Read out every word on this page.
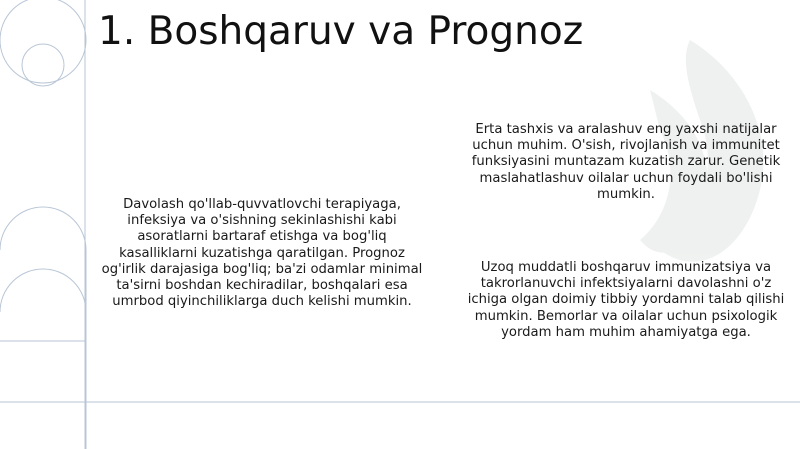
1. Boshqaruv va Prognoz
Davolash qo'llab-quvvatlovchi terapiyaga, infeksiya va o'sishning sekinlashishi kabi asoratlarni bartaraf etishga va bog'liq kasalliklarni kuzatishga qaratilgan. Prognoz og'irlik darajasiga bog'liq; ba'zi odamlar minimal ta'sirni boshdan kechiradilar, boshqalari esa umrbod qiyinchiliklarga duch kelishi mumkin.
Erta tashxis va aralashuv eng yaxshi natijalar uchun muhim. O'sish, rivojlanish va immunitet funksiyasini muntazam kuzatish zarur. Genetik maslahatlashuv oilalar uchun foydali bo'lishi mumkin.
Uzoq muddatli boshqaruv immunizatsiya va takrorlanuvchi infektsiyalarni davolashni o'z ichiga olgan doimiy tibbiy yordamni talab qilishi mumkin. Bemorlar va oilalar uchun psixologik yordam ham muhim ahamiyatga ega.
